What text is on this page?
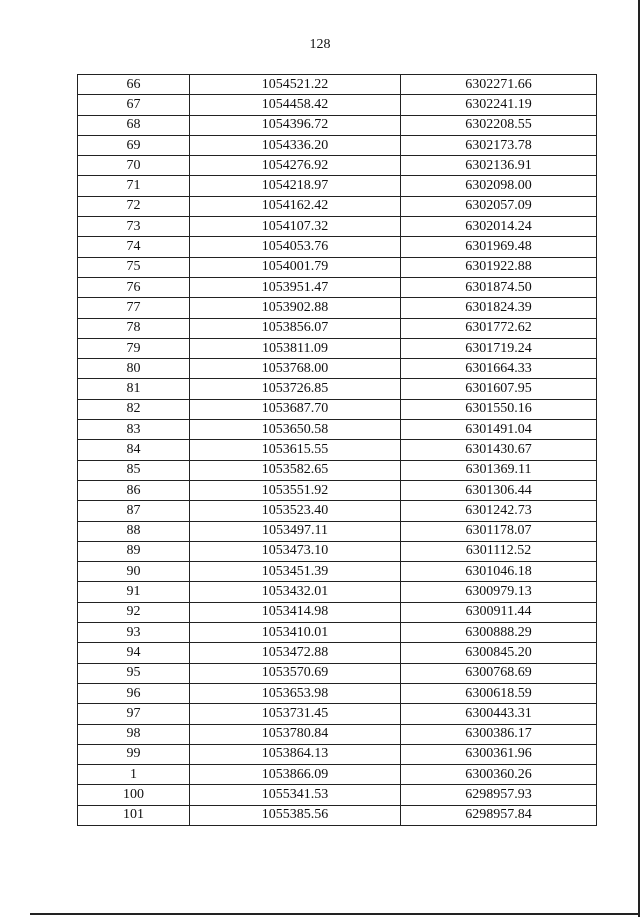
128
66	1054521.22	6302271.66
67	1054458.42	6302241.19
68	1054396.72	6302208.55
69	1054336.20	6302173.78
70	1054276.92	6302136.91
71	1054218.97	6302098.00
72	1054162.42	6302057.09
73	1054107.32	6302014.24
74	1054053.76	6301969.48
75	1054001.79	6301922.88
76	1053951.47	6301874.50
77	1053902.88	6301824.39
78	1053856.07	6301772.62
79	1053811.09	6301719.24
80	1053768.00	6301664.33
81	1053726.85	6301607.95
82	1053687.70	6301550.16
83	1053650.58	6301491.04
84	1053615.55	6301430.67
85	1053582.65	6301369.11
86	1053551.92	6301306.44
87	1053523.40	6301242.73
88	1053497.11	6301178.07
89	1053473.10	6301112.52
90	1053451.39	6301046.18
91	1053432.01	6300979.13
92	1053414.98	6300911.44
93	1053410.01	6300888.29
94	1053472.88	6300845.20
95	1053570.69	6300768.69
96	1053653.98	6300618.59
97	1053731.45	6300443.31
98	1053780.84	6300386.17
99	1053864.13	6300361.96
1	1053866.09	6300360.26
100	1055341.53	6298957.93
101	1055385.56	6298957.84
